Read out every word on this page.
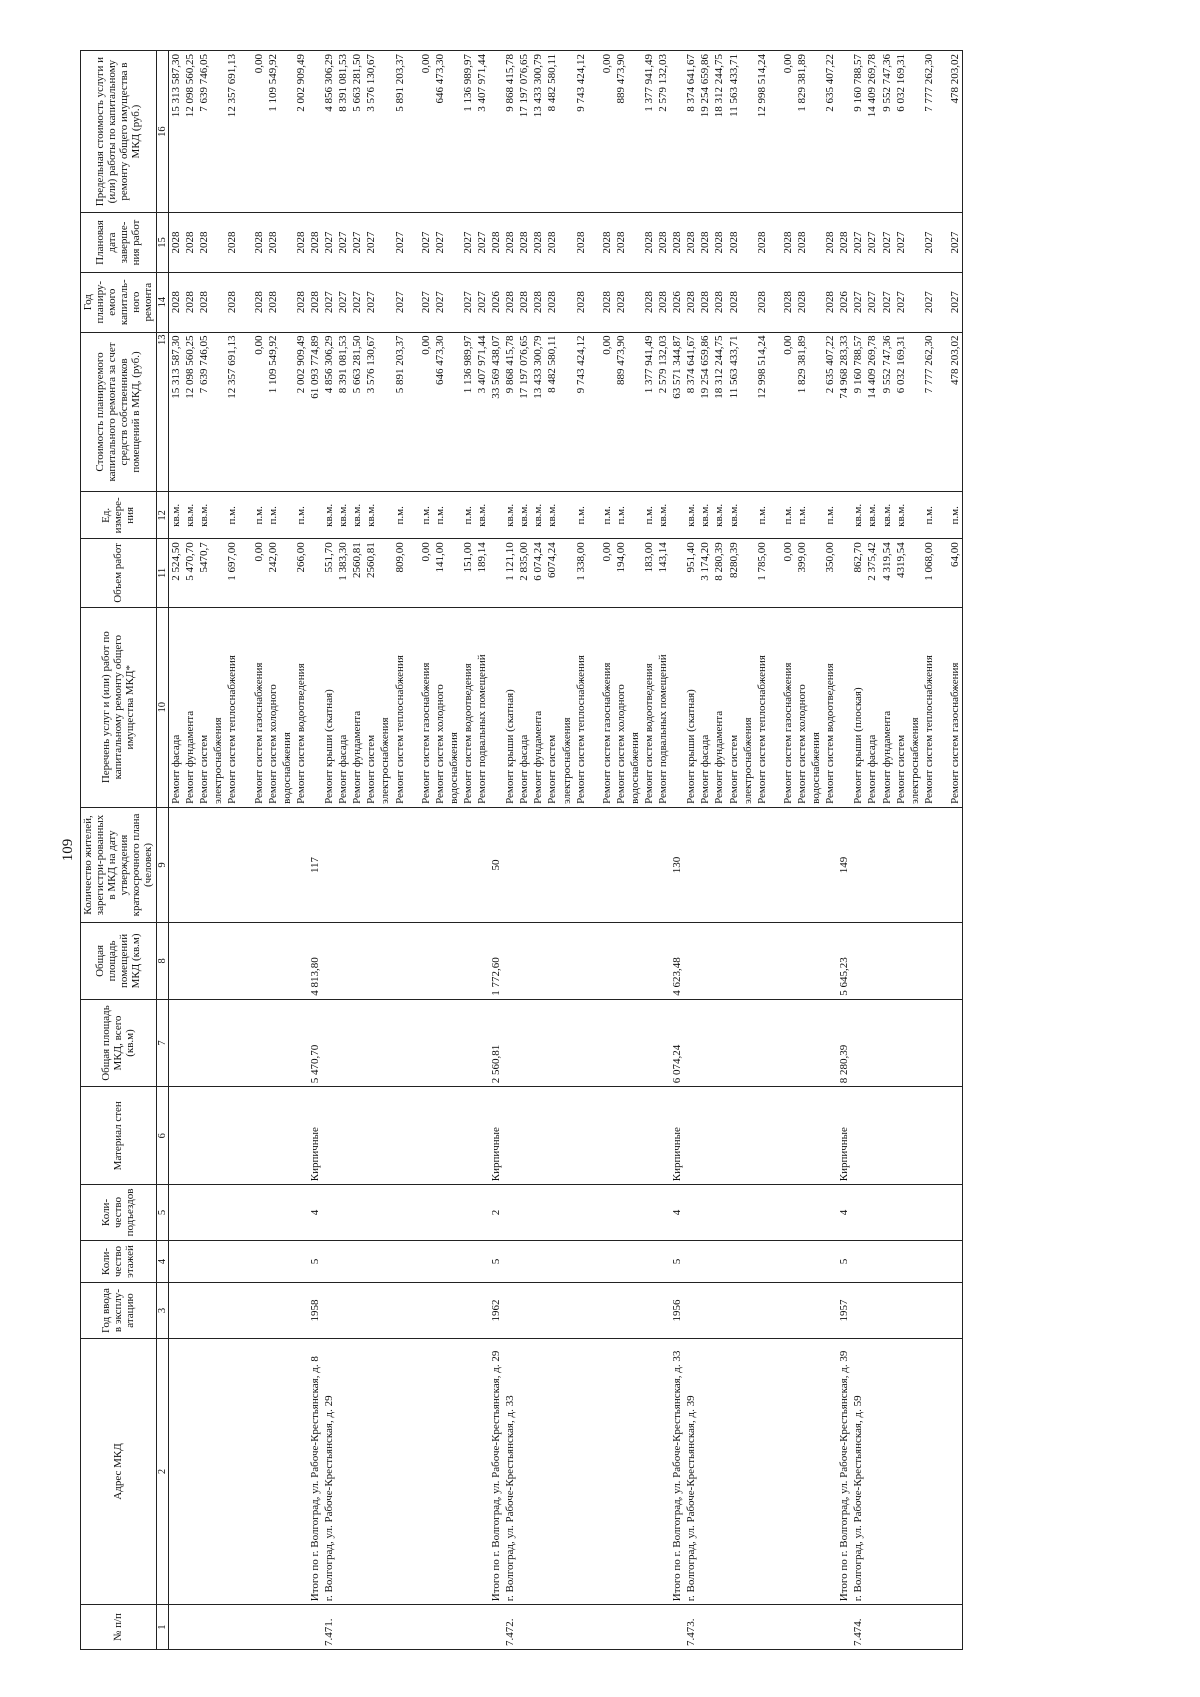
109
№ п/п	Адрес МКД	Год ввода в эксплу-атацию	Коли-чество этажей	Коли-чество подъездов	Материал стен	Общая площадь МКД, всего (кв.м)	Общая площадь помещений МКД (кв.м)	Количество жителей, зарегистри-рованных в МКД на дату утверждения краткосрочного плана (человек)	Перечень услуг и (или) работ по капитальному ремонту общего имущества МКД*	Объем работ	Ед. измере-ния	Стоимость планируемого капитального ремонта за счет средств собственников помещений в МКД, (руб.)	Год планиру-емого капиталь-ного ремонта	Плановая дата заверше-ния работ	Предельная стоимость услуги и (или) работы по капитальному ремонту общего имущества в МКД (руб.)
1	2	3	4	5	6	7	8	9	10	11	12	13	14	15	16
									Ремонт фасада	2 524,50	кв.м.	15 313 587,30	2028	2028	15 313 587,30
									Ремонт фундамента	5 470,70	кв.м.	12 098 560,25	2028	2028	12 098 560,25
									Ремонт систем	5470,7	кв.м.	7 639 746,05	2028	2028	7 639 746,05
									электроснабжения						
									Ремонт систем теплоснабжения	1 697,00	п.м.	12 357 691,13	2028	2028	12 357 691,13

									Ремонт систем газоснабжения	0,00	п.м.	0,00	2028	2028	0,00
									Ремонт систем холодного	242,00	п.м.	1 109 549,92	2028	2028	1 109 549,92
									водоснабжения						
									Ремонт систем водоотведения	266,00	п.м.	2 002 909,49	2028	2028	2 002 909,49
	Итого по г. Волгоград, ул. Рабоче-Крестьянская, д. 8	1958	5	4	Кирпичные	5 470,70	4 813,80	117				61 093 774,89	2028	2028	
7.471.	г. Волгоград, ул. Рабоче-Крестьянская, д. 29								Ремонт крыши (скатная)	551,70	кв.м.	4 856 306,29	2027	2027	4 856 306,29
									Ремонт фасада	1 383,30	кв.м.	8 391 081,53	2027	2027	8 391 081,53
									Ремонт фундамента	2560,81	кв.м.	5 663 281,50	2027	2027	5 663 281,50
									Ремонт систем	2560,81	кв.м.	3 576 130,67	2027	2027	3 576 130,67
									электроснабжения						
									Ремонт систем теплоснабжения	809,00	п.м.	5 891 203,37	2027	2027	5 891 203,37

									Ремонт систем газоснабжения	0,00	п.м.	0,00	2027	2027	0,00
									Ремонт систем холодного	141,00	п.м.	646 473,30	2027	2027	646 473,30
									водоснабжения						
									Ремонт систем водоотведения	151,00	п.м.	1 136 989,97	2027	2027	1 136 989,97
									Ремонт подвальных помещений	189,14	кв.м.	3 407 971,44	2027	2027	3 407 971,44
	Итого по г. Волгоград, ул. Рабоче-Крестьянская, д. 29	1962	5	2	Кирпичные	2 560,81	1 772,60	50				33 569 438,07	2026	2028	
7.472.	г. Волгоград, ул. Рабоче-Крестьянская, д. 33								Ремонт крыши (скатная)	1 121,10	кв.м.	9 868 415,78	2028	2028	9 868 415,78
									Ремонт фасада	2 835,00	кв.м.	17 197 076,65	2028	2028	17 197 076,65
									Ремонт фундамента	6 074,24	кв.м.	13 433 300,79	2028	2028	13 433 300,79
									Ремонт систем	6074,24	кв.м.	8 482 580,11	2028	2028	8 482 580,11
									электроснабжения						
									Ремонт систем теплоснабжения	1 338,00	п.м.	9 743 424,12	2028	2028	9 743 424,12

									Ремонт систем газоснабжения	0,00	п.м.	0,00	2028	2028	0,00
									Ремонт систем холодного	194,00	п.м.	889 473,90	2028	2028	889 473,90
									водоснабжения						
									Ремонт систем водоотведения	183,00	п.м.	1 377 941,49	2028	2028	1 377 941,49
									Ремонт подвальных помещений	143,14	кв.м.	2 579 132,03	2028	2028	2 579 132,03
	Итого по г. Волгоград, ул. Рабоче-Крестьянская, д. 33	1956	5	4	Кирпичные	6 074,24	4 623,48	130				63 571 344,87	2026	2028	
7.473.	г. Волгоград, ул. Рабоче-Крестьянская, д. 39								Ремонт крыши (скатная)	951,40	кв.м.	8 374 641,67	2028	2028	8 374 641,67
									Ремонт фасада	3 174,20	кв.м.	19 254 659,86	2028	2028	19 254 659,86
									Ремонт фундамента	8 280,39	кв.м.	18 312 244,75	2028	2028	18 312 244,75
									Ремонт систем	8280,39	кв.м.	11 563 433,71	2028	2028	11 563 433,71
									электроснабжения						
									Ремонт систем теплоснабжения	1 785,00	п.м.	12 998 514,24	2028	2028	12 998 514,24

									Ремонт систем газоснабжения	0,00	п.м.	0,00	2028	2028	0,00
									Ремонт систем холодного	399,00	п.м.	1 829 381,89	2028	2028	1 829 381,89
									водоснабжения						
									Ремонт систем водоотведения	350,00	п.м.	2 635 407,22	2028	2028	2 635 407,22
	Итого по г. Волгоград, ул. Рабоче-Крестьянская, д. 39	1957	5	4	Кирпичные	8 280,39	5 645,23	149				74 968 283,33	2026	2028	
7.474.	г. Волгоград, ул. Рабоче-Крестьянская, д. 59								Ремонт крыши (плоская)	862,70	кв.м.	9 160 788,57	2027	2027	9 160 788,57
									Ремонт фасада	2 375,42	кв.м.	14 409 269,78	2027	2027	14 409 269,78
									Ремонт фундамента	4 319,54	кв.м.	9 552 747,36	2027	2027	9 552 747,36
									Ремонт систем	4319,54	кв.м.	6 032 169,31	2027	2027	6 032 169,31
									электроснабжения						
									Ремонт систем теплоснабжения	1 068,00	п.м.	7 777 262,30	2027	2027	7 777 262,30

									Ремонт систем газоснабжения	64,00	п.м.	478 203,02	2027	2027	478 203,02
